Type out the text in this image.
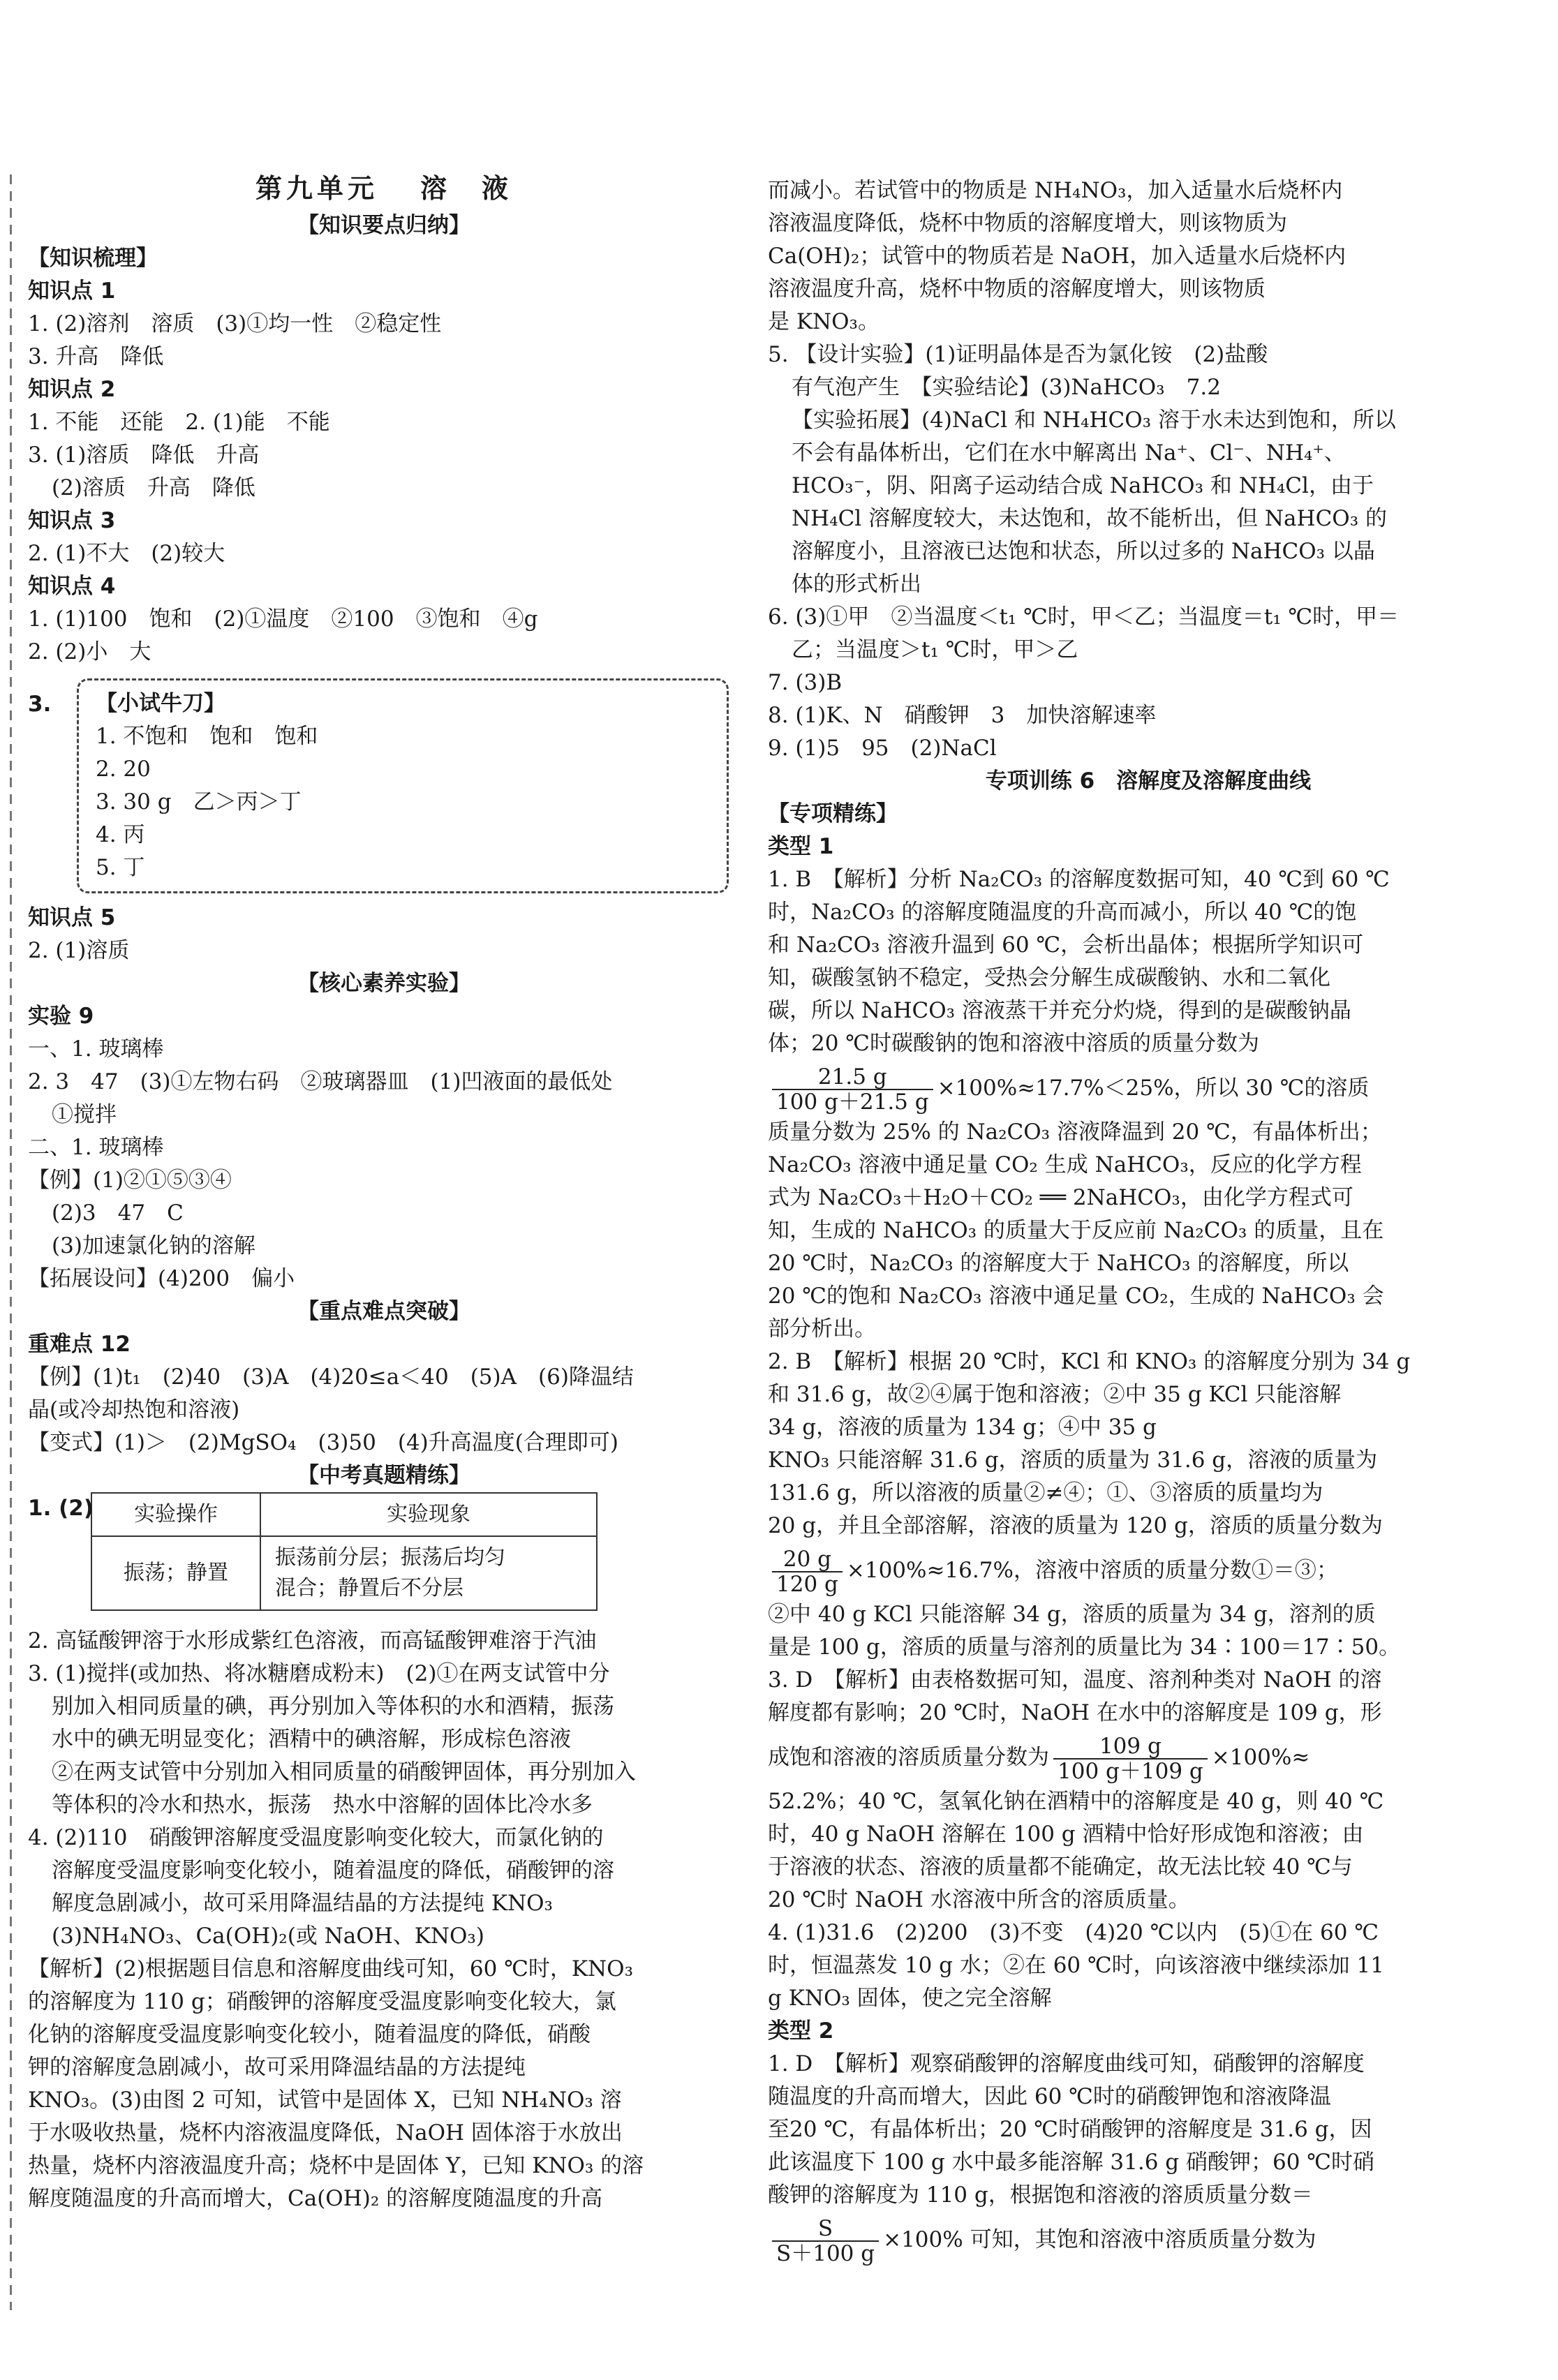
第九单元 溶　液
【知识要点归纳】
【知识梳理】
知识点 1
1. (2)溶剂　溶质　(3)①均一性　②稳定性
3. 升高　降低
知识点 2
1. 不能　还能　2. (1)能　不能
3. (1)溶质　降低　升高
(2)溶质　升高　降低
知识点 3
2. (1)不大　(2)较大
知识点 4
1. (1)100　饱和　(2)①温度　②100　③饱和　④g
2. (2)小　大
3. 【小试牛刀】
1. 不饱和　饱和　饱和
2. 20
3. 30 g　乙＞丙＞丁
4. 丙
5. 丁
知识点 5
2. (1)溶质
【核心素养实验】
实验 9
一、1. 玻璃棒
2. 3　47　(3)①左物右码　②玻璃器皿　(1)凹液面的最低处
①搅拌
二、1. 玻璃棒
【例】(1)②①⑤③④
(2)3　47　C
(3)加速氯化钠的溶解
【拓展设问】(4)200　偏小
【重点难点突破】
重难点 12
【例】(1)t₁　(2)40　(3)A　(4)20≤a＜40　(5)A　(6)降温结
晶(或冷却热饱和溶液)
【变式】(1)＞　(2)MgSO₄　(3)50　(4)升高温度(合理即可)
【中考真题精练】
1. (2) 实验操作	实验现象
振荡；静置	振荡前分层；振荡后均匀
混合；静置后不分层
2. 高锰酸钾溶于水形成紫红色溶液，而高锰酸钾难溶于汽油
3. (1)搅拌(或加热、将冰糖磨成粉末)　(2)①在两支试管中分
别加入相同质量的碘，再分别加入等体积的水和酒精，振荡
水中的碘无明显变化；酒精中的碘溶解，形成棕色溶液
②在两支试管中分别加入相同质量的硝酸钾固体，再分别加入
等体积的冷水和热水，振荡　热水中溶解的固体比冷水多
4. (2)110　硝酸钾溶解度受温度影响变化较大，而氯化钠的
溶解度受温度影响变化较小，随着温度的降低，硝酸钾的溶
解度急剧减小，故可采用降温结晶的方法提纯 KNO₃
(3)NH₄NO₃、Ca(OH)₂(或 NaOH、KNO₃)
【解析】(2)根据题目信息和溶解度曲线可知，60 ℃时，KNO₃
的溶解度为 110 g；硝酸钾的溶解度受温度影响变化较大，氯
化钠的溶解度受温度影响变化较小，随着温度的降低，硝酸
钾的溶解度急剧减小，故可采用降温结晶的方法提纯
KNO₃。(3)由图 2 可知，试管中是固体 X，已知 NH₄NO₃ 溶
于水吸收热量，烧杯内溶液温度降低，NaOH 固体溶于水放出
热量，烧杯内溶液温度升高；烧杯中是固体 Y，已知 KNO₃ 的溶
解度随温度的升高而增大，Ca(OH)₂ 的溶解度随温度的升高
而减小。若试管中的物质是 NH₄NO₃，加入适量水后烧杯内
溶液温度降低，烧杯中物质的溶解度增大，则该物质为
Ca(OH)₂；试管中的物质若是 NaOH，加入适量水后烧杯内
溶液温度升高，烧杯中物质的溶解度增大，则该物质
是 KNO₃。
5. 【设计实验】(1)证明晶体是否为氯化铵　(2)盐酸
有气泡产生　【实验结论】(3)NaHCO₃　7.2
【实验拓展】(4)NaCl 和 NH₄HCO₃ 溶于水未达到饱和，所以
不会有晶体析出，它们在水中解离出 Na⁺、Cl⁻、NH₄⁺、
HCO₃⁻，阴、阳离子运动结合成 NaHCO₃ 和 NH₄Cl，由于
NH₄Cl 溶解度较大，未达饱和，故不能析出，但 NaHCO₃ 的
溶解度小，且溶液已达饱和状态，所以过多的 NaHCO₃ 以晶
体的形式析出
6. (3)①甲　②当温度＜t₁ ℃时，甲＜乙；当温度＝t₁ ℃时，甲＝
乙；当温度＞t₁ ℃时，甲＞乙
7. (3)B
8. (1)K、N　硝酸钾　3　加快溶解速率
9. (1)5　95　(2)NaCl
专项训练 6　溶解度及溶解度曲线
【专项精练】
类型 1
1. B　【解析】分析 Na₂CO₃ 的溶解度数据可知，40 ℃到 60 ℃
时，Na₂CO₃ 的溶解度随温度的升高而减小，所以 40 ℃的饱
和 Na₂CO₃ 溶液升温到 60 ℃，会析出晶体；根据所学知识可
知，碳酸氢钠不稳定，受热会分解生成碳酸钠、水和二氧化
碳，所以 NaHCO₃ 溶液蒸干并充分灼烧，得到的是碳酸钠晶
体；20 ℃时碳酸钠的饱和溶液中溶质的质量分数为
$\frac{21.5 g}{100 g+21.5 g} \times 100\%\approx 17.7\%<25\%$，所以 30 ℃的溶质
质量分数为 25% 的 Na₂CO₃ 溶液降温到 20 ℃，有晶体析出；
Na₂CO₃ 溶液中通足量 CO₂ 生成 NaHCO₃，反应的化学方程
式为 Na₂CO₃＋H₂O＋CO₂ ══ 2NaHCO₃，由化学方程式可
知，生成的 NaHCO₃ 的质量大于反应前 Na₂CO₃ 的质量，且在
20 ℃时，Na₂CO₃ 的溶解度大于 NaHCO₃ 的溶解度，所以
20 ℃的饱和 Na₂CO₃ 溶液中通足量 CO₂，生成的 NaHCO₃ 会
部分析出。
2. B　【解析】根据 20 ℃时，KCl 和 KNO₃ 的溶解度分别为 34 g
和 31.6 g，故②④属于饱和溶液；②中 35 g KCl 只能溶解
34 g，溶液的质量为 134 g；④中 35 g
KNO₃ 只能溶解 31.6 g，溶质的质量为 31.6 g，溶液的质量为
131.6 g，所以溶液的质量②≠④；①、③溶质的质量均为
20 g，并且全部溶解，溶液的质量为 120 g，溶质的质量分数为
$\frac{20 g}{120 g} \times 100\%\approx 16.7\%$，溶液中溶质的质量分数①＝③；
②中 40 g KCl 只能溶解 34 g，溶质的质量为 34 g，溶剂的质
量是 100 g，溶质的质量与溶剂的质量比为 34∶100＝17∶50。
3. D　【解析】由表格数据可知，温度、溶剂种类对 NaOH 的溶
解度都有影响；20 ℃时，NaOH 在水中的溶解度是 109 g，形
成饱和溶液的溶质质量分数为 $\frac{109 g}{100 g+109 g} \times 100\%\approx$
52.2%；40 ℃，氢氧化钠在酒精中的溶解度是 40 g，则 40 ℃
时，40 g NaOH 溶解在 100 g 酒精中恰好形成饱和溶液；由
于溶液的状态、溶液的质量都不能确定，故无法比较 40 ℃与
20 ℃时 NaOH 水溶液中所含的溶质质量。
4. (1)31.6　(2)200　(3)不变　(4)20 ℃以内　(5)①在 60 ℃
时，恒温蒸发 10 g 水；②在 60 ℃时，向该溶液中继续添加 11
g KNO₃ 固体，使之完全溶解
类型 2
1. D　【解析】观察硝酸钾的溶解度曲线可知，硝酸钾的溶解度
随温度的升高而增大，因此 60 ℃时的硝酸钾饱和溶液降温
至20 ℃，有晶体析出；20 ℃时硝酸钾的溶解度是 31.6 g，因
此该温度下 100 g 水中最多能溶解 31.6 g 硝酸钾；60 ℃时硝
酸钾的溶解度为 110 g，根据饱和溶液的溶质质量分数＝
$\frac{S}{S+100 g} \times 100\%$ 可知，其饱和溶液中溶质质量分数为
